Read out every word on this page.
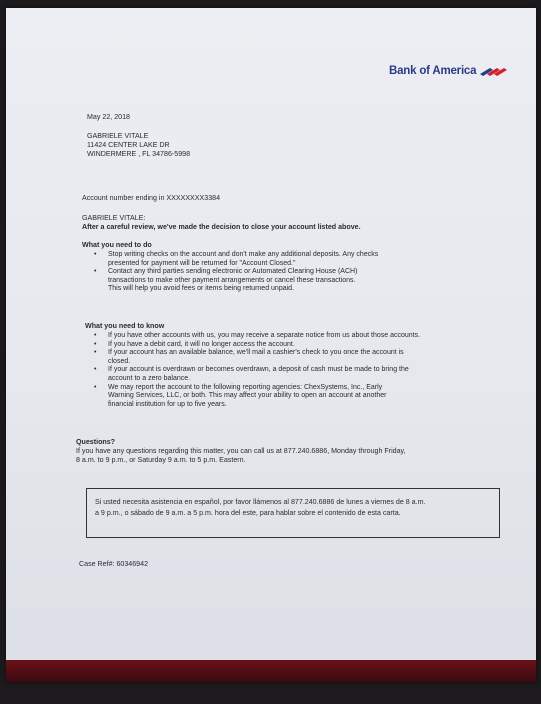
Bank of America
May 22, 2018
GABRIELE VITALE
11424 CENTER LAKE DR
WINDERMERE , FL 34786-5998
Account number ending in XXXXXXXX3384
GABRIELE VITALE:
After a careful review, we've made the decision to close your account listed above.
What you need to do
• Stop writing checks on the account and don't make any additional deposits. Any checks
presented for payment will be returned for "Account Closed."
• Contact any third parties sending electronic or Automated Clearing House (ACH)
transactions to make other payment arrangements or cancel these transactions.
This will help you avoid fees or items being returned unpaid.
What you need to know
• If you have other accounts with us, you may receive a separate notice from us about those accounts.
• If you have a debit card, it will no longer access the account.
• If your account has an available balance, we'll mail a cashier's check to you once the account is
closed.
• If your account is overdrawn or becomes overdrawn, a deposit of cash must be made to bring the
account to a zero balance.
• We may report the account to the following reporting agencies: ChexSystems, Inc., Early
Warning Services, LLC, or both. This may affect your ability to open an account at another
financial institution for up to five years.
Questions?
If you have any questions regarding this matter, you can call us at 877.240.6886, Monday through Friday,
8 a.m. to 9 p.m., or Saturday 9 a.m. to 5 p.m. Eastern.
Si usted necesita asistencia en español, por favor llámenos al 877.240.6886 de lunes a viernes de 8 a.m.
a 9 p.m., o sábado de 9 a.m. a 5 p.m. hora del este, para hablar sobre el contenido de esta carta.
Case Ref#: 60346942
